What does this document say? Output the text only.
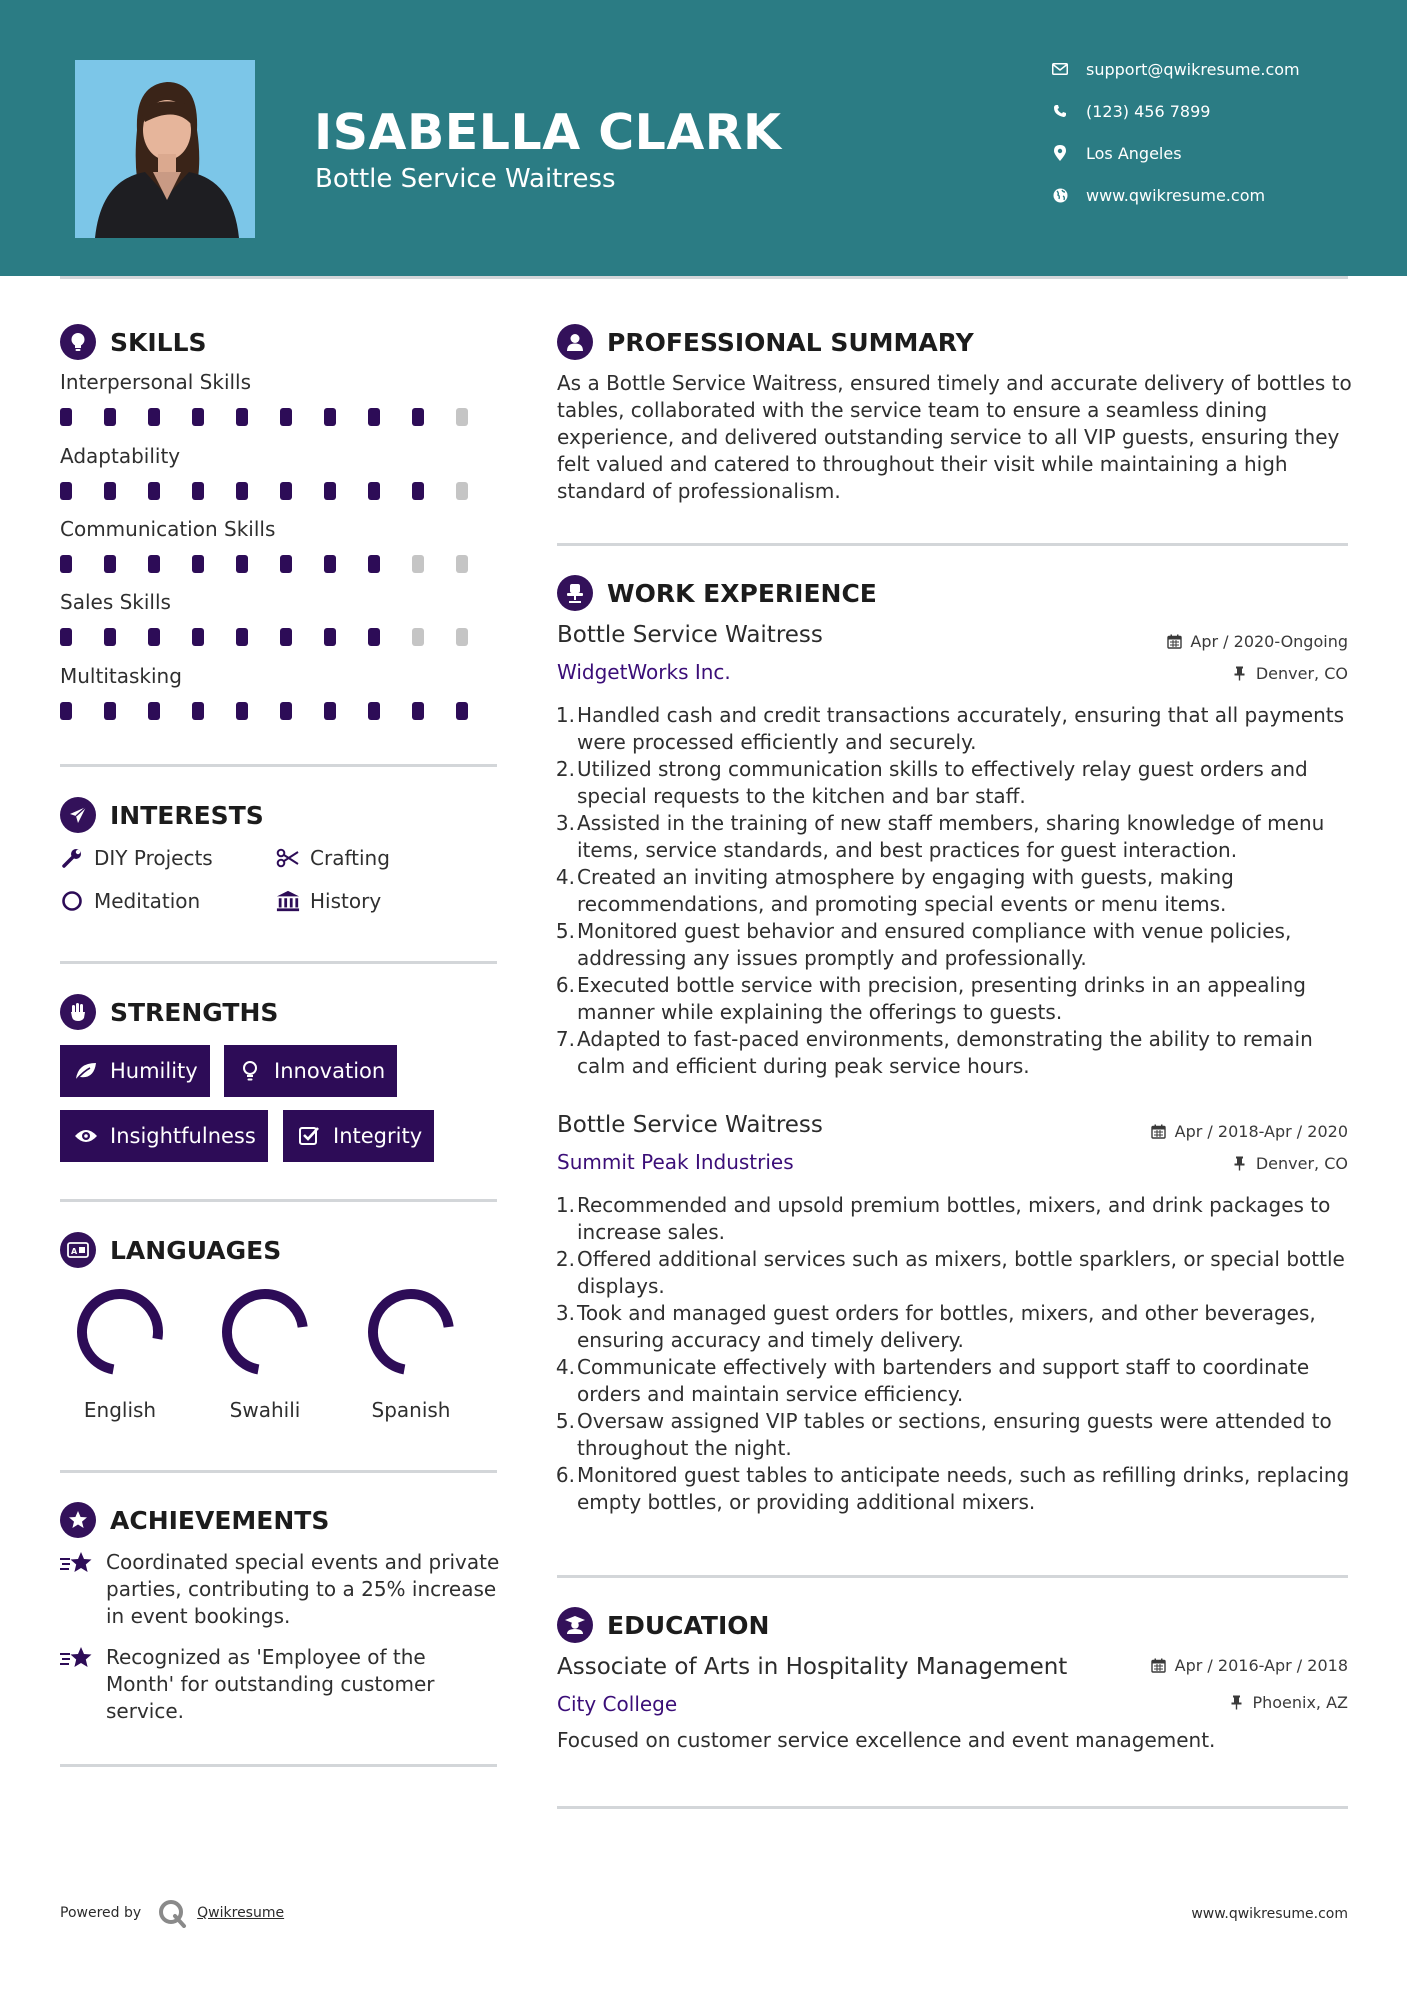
ISABELLA CLARK
Bottle Service Waitress
support@qwikresume.com
(123) 456 7899
Los Angeles
www.qwikresume.com
SKILLS
Interpersonal Skills
Adaptability
Communication Skills
Sales Skills
Multitasking
INTERESTS
DIY Projects	Crafting
Meditation	History
STRENGTHS
Humility	Innovation
Insightfulness	Integrity
A LANGUAGES
English	Swahili	Spanish
ACHIEVEMENTS
Coordinated special events and private parties, contributing to a 25% increase in event bookings.
Recognized as 'Employee of the Month' for outstanding customer service.
PROFESSIONAL SUMMARY
As a Bottle Service Waitress, ensured timely and accurate delivery of bottles to tables, collaborated with the service team to ensure a seamless dining experience, and delivered outstanding service to all VIP guests, ensuring they felt valued and catered to throughout their visit while maintaining a high standard of professionalism.
WORK EXPERIENCE
Bottle Service Waitress	Apr / 2020-Ongoing
WidgetWorks Inc.	Denver, CO
1. Handled cash and credit transactions accurately, ensuring that all payments were processed efficiently and securely.
2. Utilized strong communication skills to effectively relay guest orders and special requests to the kitchen and bar staff.
3. Assisted in the training of new staff members, sharing knowledge of menu items, service standards, and best practices for guest interaction.
4. Created an inviting atmosphere by engaging with guests, making recommendations, and promoting special events or menu items.
5. Monitored guest behavior and ensured compliance with venue policies, addressing any issues promptly and professionally.
6. Executed bottle service with precision, presenting drinks in an appealing manner while explaining the offerings to guests.
7. Adapted to fast-paced environments, demonstrating the ability to remain calm and efficient during peak service hours.
Bottle Service Waitress	Apr / 2018-Apr / 2020
Summit Peak Industries	Denver, CO
1. Recommended and upsold premium bottles, mixers, and drink packages to increase sales.
2. Offered additional services such as mixers, bottle sparklers, or special bottle displays.
3. Took and managed guest orders for bottles, mixers, and other beverages, ensuring accuracy and timely delivery.
4. Communicate effectively with bartenders and support staff to coordinate orders and maintain service efficiency.
5. Oversaw assigned VIP tables or sections, ensuring guests were attended to throughout the night.
6. Monitored guest tables to anticipate needs, such as refilling drinks, replacing empty bottles, or providing additional mixers.
EDUCATION
Associate of Arts in Hospitality Management	Apr / 2016-Apr / 2018
City College	Phoenix, AZ
Focused on customer service excellence and event management.
Powered by	Qwikresume	www.qwikresume.com
